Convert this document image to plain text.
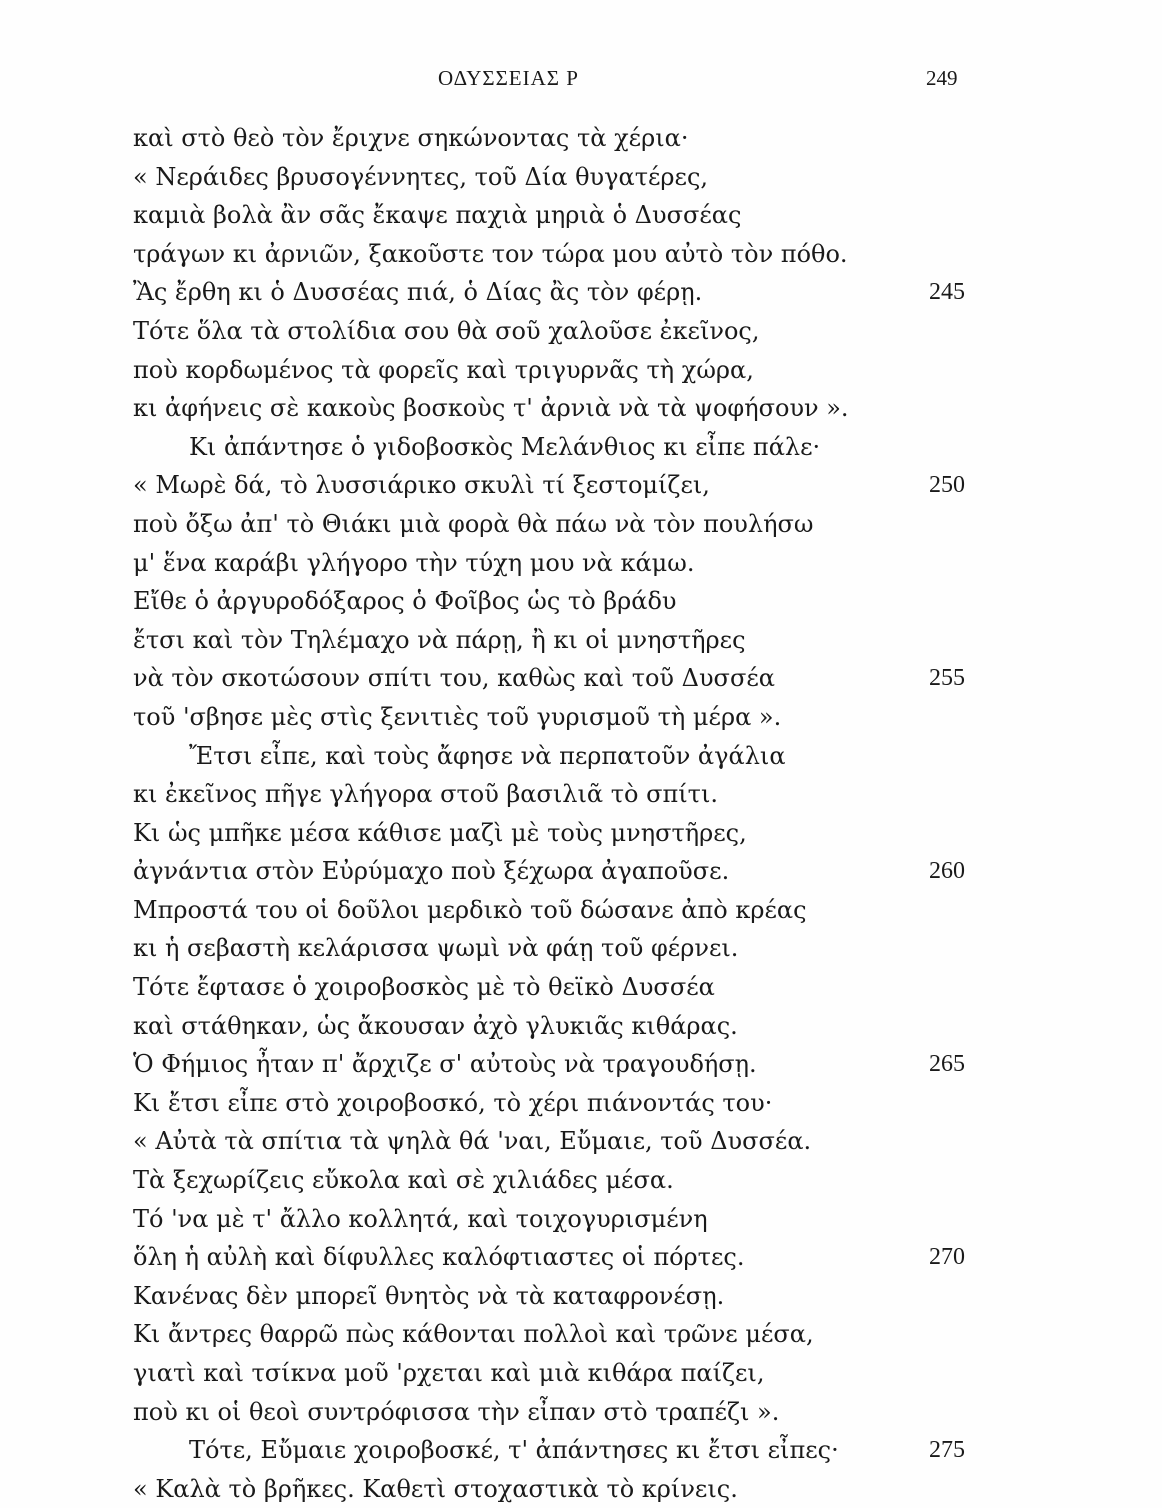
ΟΔΥΣΣΕΙΑΣ Ρ	249
καὶ στὸ θεὸ τὸν ἔριχνε σηκώνοντας τὰ χέρια·
« Νεράιδες βρυσογέννητες, τοῦ Δία θυγατέρες,
καμιὰ βολὰ ἂν σᾶς ἔκαψε παχιὰ μηριὰ ὁ Δυσσέας
τράγων κι ἀρνιῶν, ξακοῦστε τον τώρα μου αὐτὸ τὸν πόθο.
Ἂς ἔρθη κι ὁ Δυσσέας πιά, ὁ Δίας ἂς τὸν φέρῃ.	245
Τότε ὅλα τὰ στολίδια σου θὰ σοῦ χαλοῦσε ἐκεῖνος,
ποὺ κορδωμένος τὰ φορεῖς καὶ τριγυρνᾶς τὴ χώρα,
κι ἀφήνεις σὲ κακοὺς βοσκοὺς τ' ἀρνιὰ νὰ τὰ ψοφήσουν ».
Κι ἀπάντησε ὁ γιδοβοσκὸς Μελάνθιος κι εἶπε πάλε·
« Μωρὲ δά, τὸ λυσσιάρικο σκυλὶ τί ξεστομίζει,	250
ποὺ ὄξω ἀπ' τὸ Θιάκι μιὰ φορὰ θὰ πάω νὰ τὸν πουλήσω
μ' ἕνα καράβι γλήγορο τὴν τύχη μου νὰ κάμω.
Εἴθε ὁ ἀργυροδόξαρος ὁ Φοῖβος ὡς τὸ βράδυ
ἔτσι καὶ τὸν Τηλέμαχο νὰ πάρῃ, ἢ κι οἱ μνηστῆρες
νὰ τὸν σκοτώσουν σπίτι του, καθὼς καὶ τοῦ Δυσσέα	255
τοῦ 'σβησε μὲς στὶς ξενιτιὲς τοῦ γυρισμοῦ τὴ μέρα ».
Ἔτσι εἶπε, καὶ τοὺς ἄφησε νὰ περπατοῦν ἀγάλια
κι ἐκεῖνος πῆγε γλήγορα στοῦ βασιλιᾶ τὸ σπίτι.
Κι ὡς μπῆκε μέσα κάθισε μαζὶ μὲ τοὺς μνηστῆρες,
ἀγνάντια στὸν Εὐρύμαχο ποὺ ξέχωρα ἀγαποῦσε.	260
Μπροστά του οἱ δοῦλοι μερδικὸ τοῦ δώσανε ἀπὸ κρέας
κι ἡ σεβαστὴ κελάρισσα ψωμὶ νὰ φάῃ τοῦ φέρνει.
Τότε ἔφτασε ὁ χοιροβοσκὸς μὲ τὸ θεϊκὸ Δυσσέα
καὶ στάθηκαν, ὡς ἄκουσαν ἀχὸ γλυκιᾶς κιθάρας.
Ὁ Φήμιος ἦταν π' ἄρχιζε σ' αὐτοὺς νὰ τραγουδήσῃ.	265
Κι ἔτσι εἶπε στὸ χοιροβοσκό, τὸ χέρι πιάνοντάς του·
« Αὐτὰ τὰ σπίτια τὰ ψηλὰ θά 'ναι, Εὔμαιε, τοῦ Δυσσέα.
Τὰ ξεχωρίζεις εὔκολα καὶ σὲ χιλιάδες μέσα.
Τό 'να μὲ τ' ἄλλο κολλητά, καὶ τοιχογυρισμένη
ὅλη ἡ αὐλὴ καὶ δίφυλλες καλόφτιαστες οἱ πόρτες.	270
Κανένας δὲν μπορεῖ θνητὸς νὰ τὰ καταφρονέσῃ.
Κι ἄντρες θαρρῶ πὼς κάθονται πολλοὶ καὶ τρῶνε μέσα,
γιατὶ καὶ τσίκνα μοῦ 'ρχεται καὶ μιὰ κιθάρα παίζει,
ποὺ κι οἱ θεοὶ συντρόφισσα τὴν εἶπαν στὸ τραπέζι ».
Τότε, Εὔμαιε χοιροβοσκέ, τ' ἀπάντησες κι ἔτσι εἶπες·	275
« Καλὰ τὸ βρῆκες. Καθετὶ στοχαστικὰ τὸ κρίνεις.
